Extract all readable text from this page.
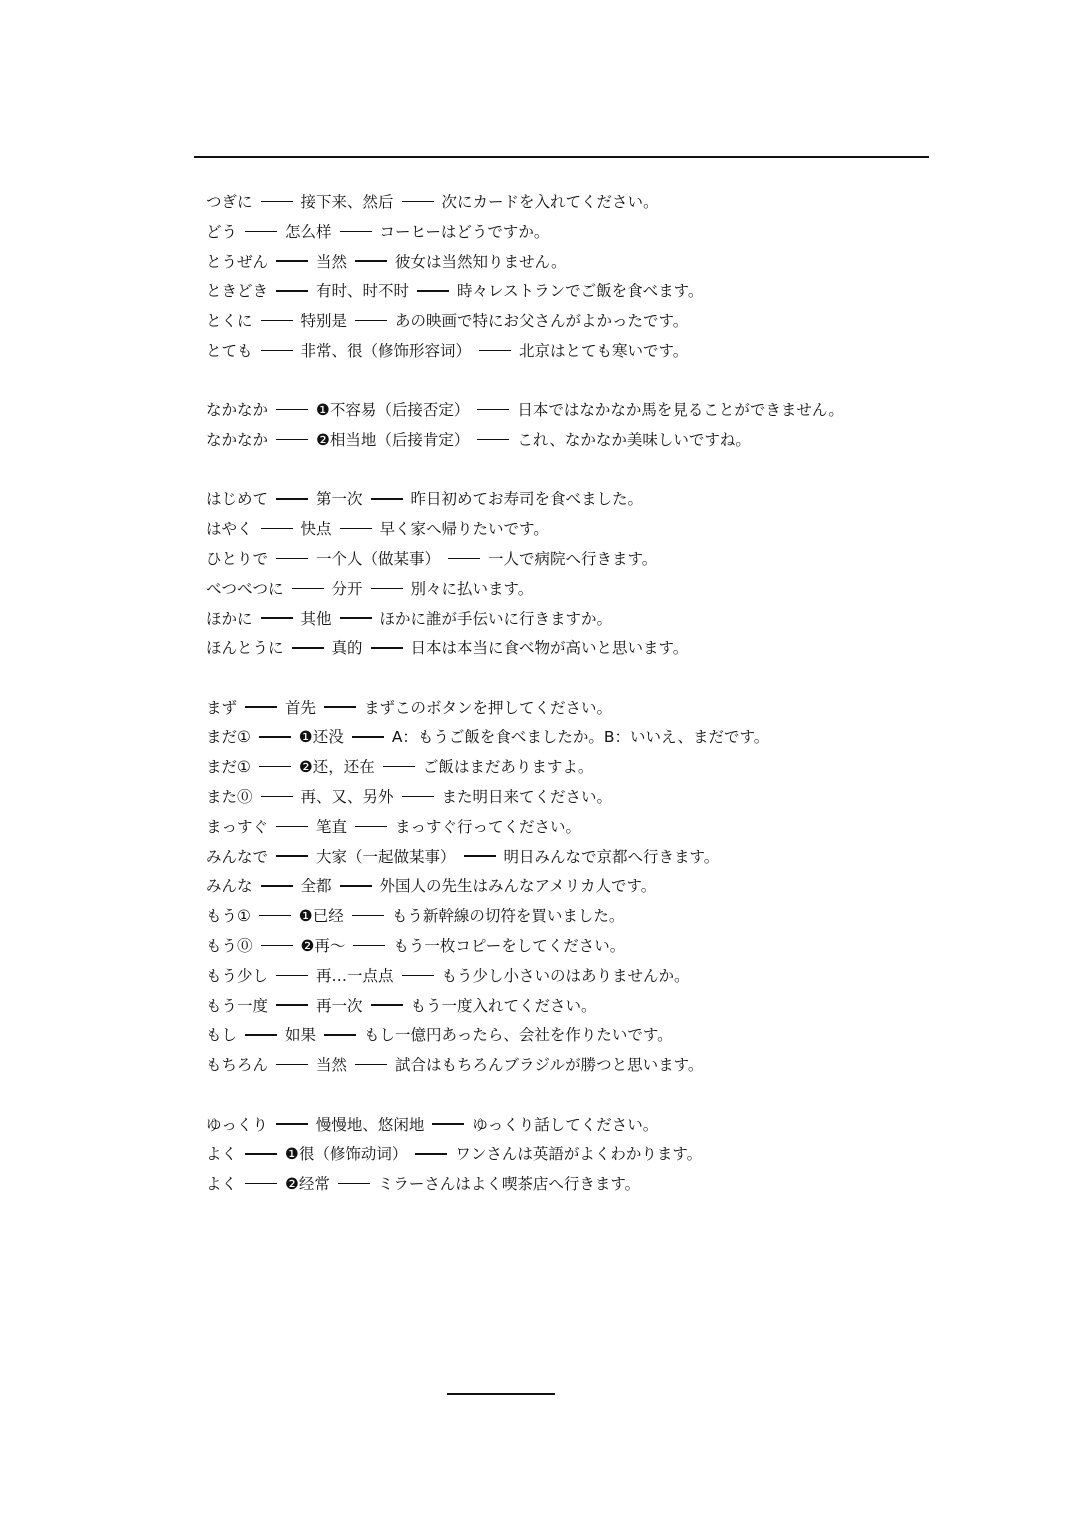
つぎに	接下来、然后	次にカードを入れてください。
どう	怎么样	コーヒーはどうですか。
とうぜん	当然	彼女は当然知りません。
ときどき	有时、时不时	時々レストランでご飯を食べます。
とくに	特别是	あの映画で特にお父さんがよかったです。
とても	非常、很（修饰形容词）	北京はとても寒いです。
なかなか	❶不容易（后接否定）	日本ではなかなか馬を見ることができません。
なかなか	❷相当地（后接肯定）	これ、なかなか美味しいですね。
はじめて	第一次	昨日初めてお寿司を食べました。
はやく	快点	早く家へ帰りたいです。
ひとりで	一个人（做某事）	一人で病院へ行きます。
べつべつに	分开	別々に払います。
ほかに	其他	ほかに誰が手伝いに行きますか。
ほんとうに	真的	日本は本当に食べ物が高いと思います。
まず	首先	まずこのボタンを押してください。
まだ①	❶还没	A：もうご飯を食べましたか。B：いいえ、まだです。
まだ①	❷还，还在	ご飯はまだありますよ。
また⓪	再、又、另外	また明日来てください。
まっすぐ	笔直	まっすぐ行ってください。
みんなで	大家（一起做某事）	明日みんなで京都へ行きます。
みんな	全都	外国人の先生はみんなアメリカ人です。
もう①	❶已经	もう新幹線の切符を買いました。
もう⓪	❷再～	もう一枚コピーをしてください。
もう少し	再…一点点	もう少し小さいのはありませんか。
もう一度	再一次	もう一度入れてください。
もし	如果	もし一億円あったら、会社を作りたいです。
もちろん	当然	試合はもちろんブラジルが勝つと思います。
ゆっくり	慢慢地、悠闲地	ゆっくり話してください。
よく	❶很（修饰动词）	ワンさんは英語がよくわかります。
よく	❷经常	ミラーさんはよく喫茶店へ行きます。
